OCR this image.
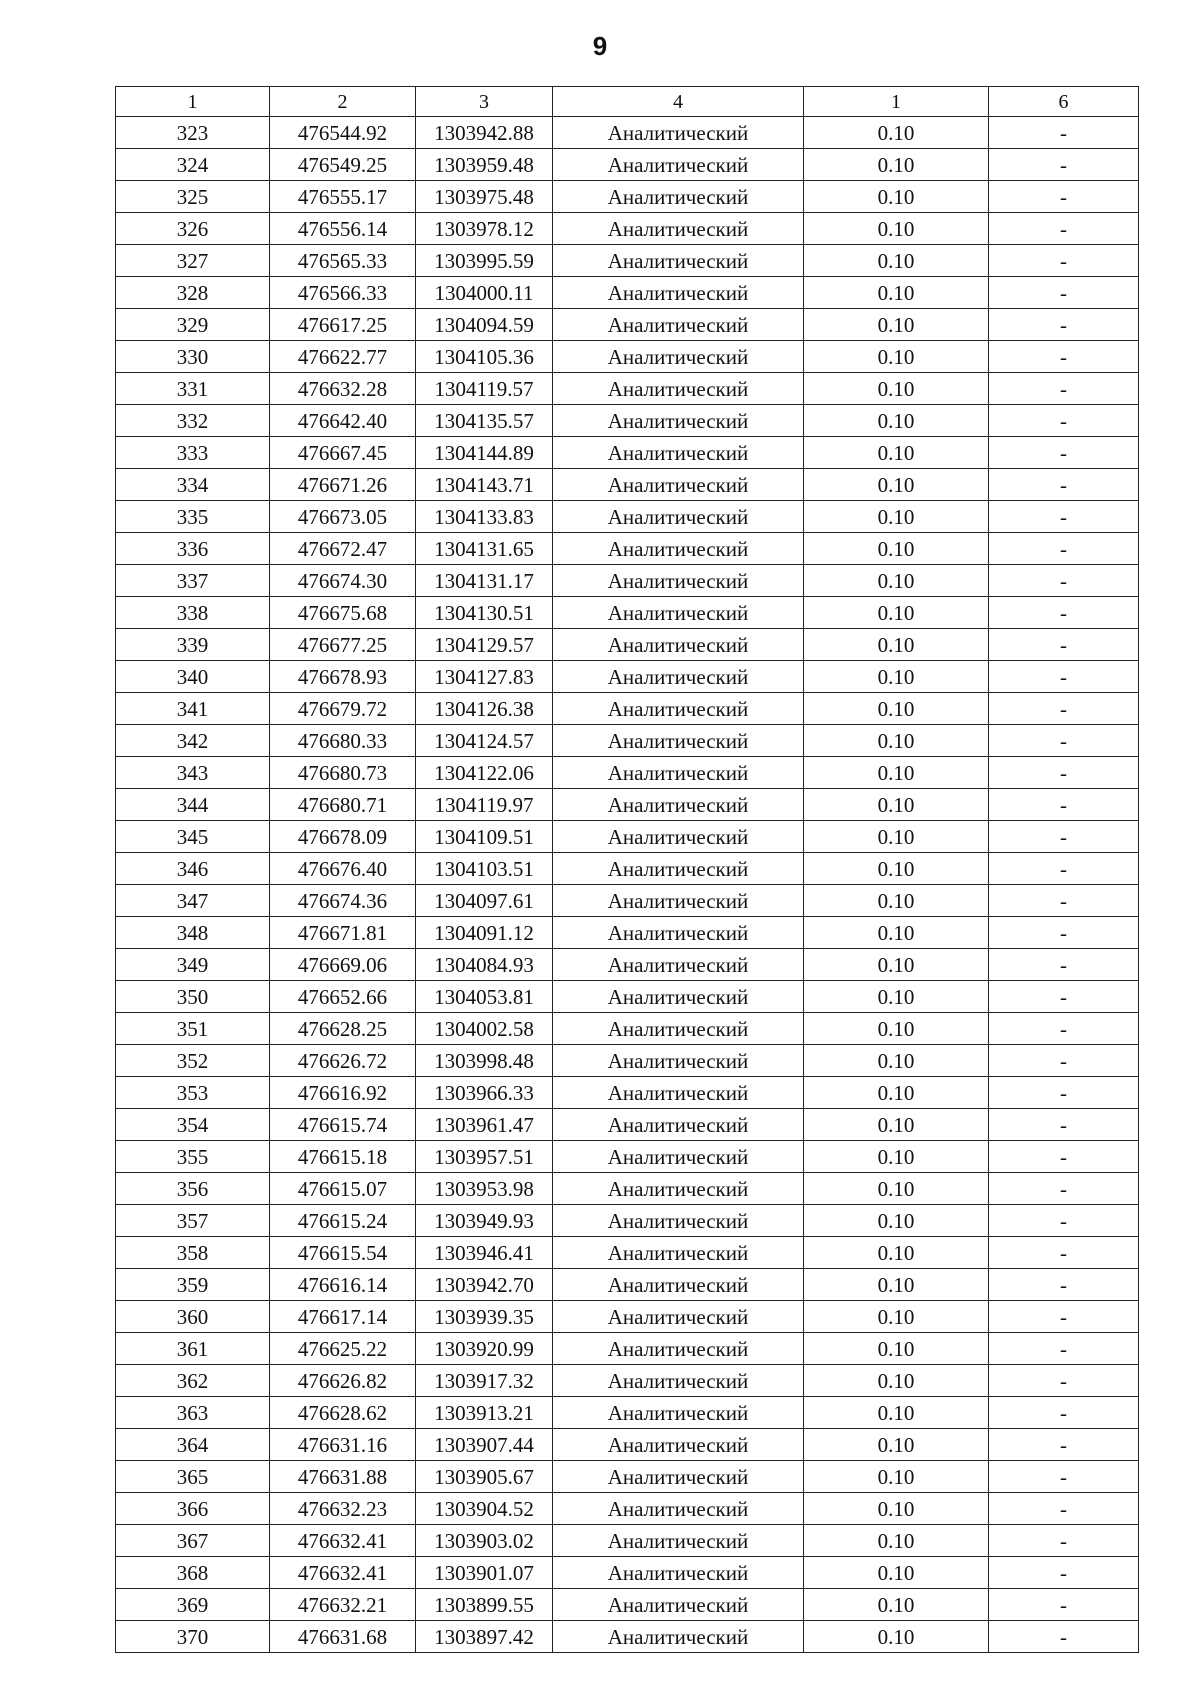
9
1	2	3	4	1	6
323	476544.92	1303942.88	Аналитический	0.10	-
324	476549.25	1303959.48	Аналитический	0.10	-
325	476555.17	1303975.48	Аналитический	0.10	-
326	476556.14	1303978.12	Аналитический	0.10	-
327	476565.33	1303995.59	Аналитический	0.10	-
328	476566.33	1304000.11	Аналитический	0.10	-
329	476617.25	1304094.59	Аналитический	0.10	-
330	476622.77	1304105.36	Аналитический	0.10	-
331	476632.28	1304119.57	Аналитический	0.10	-
332	476642.40	1304135.57	Аналитический	0.10	-
333	476667.45	1304144.89	Аналитический	0.10	-
334	476671.26	1304143.71	Аналитический	0.10	-
335	476673.05	1304133.83	Аналитический	0.10	-
336	476672.47	1304131.65	Аналитический	0.10	-
337	476674.30	1304131.17	Аналитический	0.10	-
338	476675.68	1304130.51	Аналитический	0.10	-
339	476677.25	1304129.57	Аналитический	0.10	-
340	476678.93	1304127.83	Аналитический	0.10	-
341	476679.72	1304126.38	Аналитический	0.10	-
342	476680.33	1304124.57	Аналитический	0.10	-
343	476680.73	1304122.06	Аналитический	0.10	-
344	476680.71	1304119.97	Аналитический	0.10	-
345	476678.09	1304109.51	Аналитический	0.10	-
346	476676.40	1304103.51	Аналитический	0.10	-
347	476674.36	1304097.61	Аналитический	0.10	-
348	476671.81	1304091.12	Аналитический	0.10	-
349	476669.06	1304084.93	Аналитический	0.10	-
350	476652.66	1304053.81	Аналитический	0.10	-
351	476628.25	1304002.58	Аналитический	0.10	-
352	476626.72	1303998.48	Аналитический	0.10	-
353	476616.92	1303966.33	Аналитический	0.10	-
354	476615.74	1303961.47	Аналитический	0.10	-
355	476615.18	1303957.51	Аналитический	0.10	-
356	476615.07	1303953.98	Аналитический	0.10	-
357	476615.24	1303949.93	Аналитический	0.10	-
358	476615.54	1303946.41	Аналитический	0.10	-
359	476616.14	1303942.70	Аналитический	0.10	-
360	476617.14	1303939.35	Аналитический	0.10	-
361	476625.22	1303920.99	Аналитический	0.10	-
362	476626.82	1303917.32	Аналитический	0.10	-
363	476628.62	1303913.21	Аналитический	0.10	-
364	476631.16	1303907.44	Аналитический	0.10	-
365	476631.88	1303905.67	Аналитический	0.10	-
366	476632.23	1303904.52	Аналитический	0.10	-
367	476632.41	1303903.02	Аналитический	0.10	-
368	476632.41	1303901.07	Аналитический	0.10	-
369	476632.21	1303899.55	Аналитический	0.10	-
370	476631.68	1303897.42	Аналитический	0.10	-
